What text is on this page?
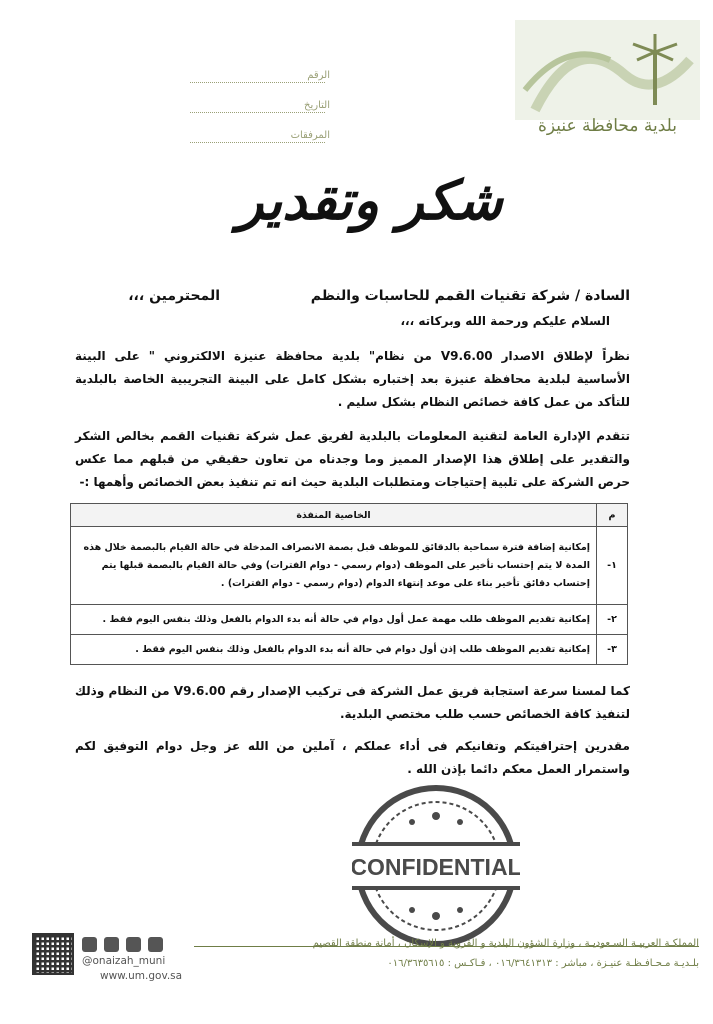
بلدية محافظة عنيزة
الرقم
التاريخ
المرفقات
شكر وتقدير
السادة / شركة تقنيات القمم للحاسبات والنظم
المحترمين ،،،
السلام عليكم ورحمة الله وبركاته ،،،
نظراً لإطلاق الاصدار V9.6.00 من نظام" بلدية محافظة عنيزة الالكتروني " على البينة الأساسية لبلدية محافظة عنيزة بعد إختباره بشكل كامل على البينة التجريبية الخاصة بالبلدية للتأكد من عمل كافة خصائص النظام بشكل سليم .
تتقدم الإدارة العامة لتقنية المعلومات بالبلدية لفريق عمل شركة تقنيات القمم بخالص الشكر والتقدير على إطلاق هذا الإصدار المميز وما وجدناه من تعاون حقيقي من قبلهم مما عكس حرص الشركة على تلبية إحتياجات ومتطلبات البلدية حيث انه تم تنفيذ بعض الخصائص وأهمها :-
م	الخاصية المنفذة
١-	إمكانية إضافة فترة سماحية بالدقائق للموظف قبل بصمة الانصراف المدخلة في حالة القيام بالبصمة خلال هذه المدة لا يتم إحتساب تأخير على الموظف (دوام رسمي - دوام الفترات) وفي حالة القيام بالبصمة قبلها يتم إحتساب دقائق تأخير بناء على موعد إنتهاء الدوام (دوام رسمي - دوام الفترات) .
٢-	إمكانية تقديم الموظف طلب مهمة عمل أول دوام في حالة أنه بدء الدوام بالفعل وذلك بنفس اليوم فقط .
٣-	إمكانية تقديم الموظف طلب إذن أول دوام في حالة أنه بدء الدوام بالفعل وذلك بنفس اليوم فقط .
كما لمسنا سرعة استجابة فريق عمل الشركة فى تركيب الإصدار رقم V9.6.00 من النظام وذلك لتنفيذ كافة الخصائص حسب طلب مختصي البلدية.
مقدرين إحترافيتكم وتفانيكم فى أداء عملكم ، آملين من الله عز وجل دوام التوفيق لكم واستمرار العمل معكم دائما بإذن الله .
CONFIDENTIAL
المملكـة العربيـة السـعوديـة ، وزارة الشؤون البلدية و القروية و الإسكان ، أمانة منطقة القصيم
بلـديـة مـحـافـظـة عنيـزة ، مباشر : ٠١٦/٣٦٤١٣١٣ ، فـاكـس : ٠١٦/٣٦٣٥٦١٥
@onaizah_muni
www.um.gov.sa
